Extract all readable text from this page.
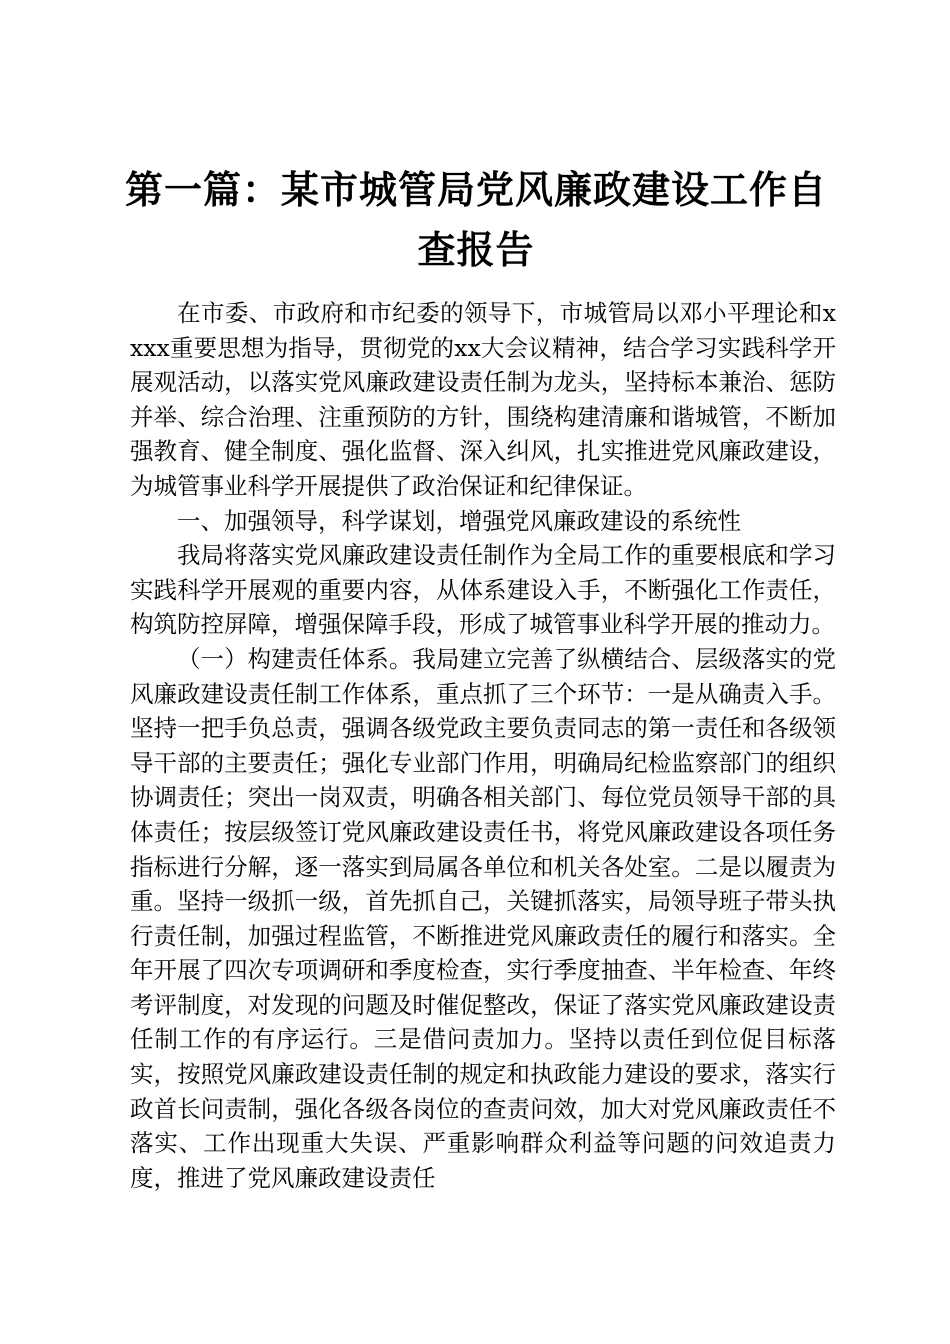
第一篇：某市城管局党风廉政建设工作自查报告

在市委、市政府和市纪委的领导下，市城管局以邓小平理论和xxxx重要思想为指导，贯彻党的xx大会议精神，结合学习实践科学开展观活动，以落实党风廉政建设责任制为龙头，坚持标本兼治、惩防并举、综合治理、注重预防的方针，围绕构建清廉和谐城管，不断加强教育、健全制度、强化监督、深入纠风，扎实推进党风廉政建设，为城管事业科学开展提供了政治保证和纪律保证。

一、加强领导，科学谋划，增强党风廉政建设的系统性

我局将落实党风廉政建设责任制作为全局工作的重要根底和学习实践科学开展观的重要内容，从体系建设入手，不断强化工作责任，构筑防控屏障，增强保障手段，形成了城管事业科学开展的推动力。

（一）构建责任体系。我局建立完善了纵横结合、层级落实的党风廉政建设责任制工作体系，重点抓了三个环节：一是从确责入手。坚持一把手负总责，强调各级党政主要负责同志的第一责任和各级领导干部的主要责任；强化专业部门作用，明确局纪检监察部门的组织协调责任；突出一岗双责，明确各相关部门、每位党员领导干部的具体责任；按层级签订党风廉政建设责任书，将党风廉政建设各项任务指标进行分解，逐一落实到局属各单位和机关各处室。二是以履责为重。坚持一级抓一级，首先抓自己，关键抓落实，局领导班子带头执行责任制，加强过程监管，不断推进党风廉政责任的履行和落实。全年开展了四次专项调研和季度检查，实行季度抽查、半年检查、年终考评制度，对发现的问题及时催促整改，保证了落实党风廉政建设责任制工作的有序运行。三是借问责加力。坚持以责任到位促目标落实，按照党风廉政建设责任制的规定和执政能力建设的要求，落实行政首长问责制，强化各级各岗位的查责问效，加大对党风廉政责任不落实、工作出现重大失误、严重影响群众利益等问题的问效追责力度，推进了党风廉政建设责任
